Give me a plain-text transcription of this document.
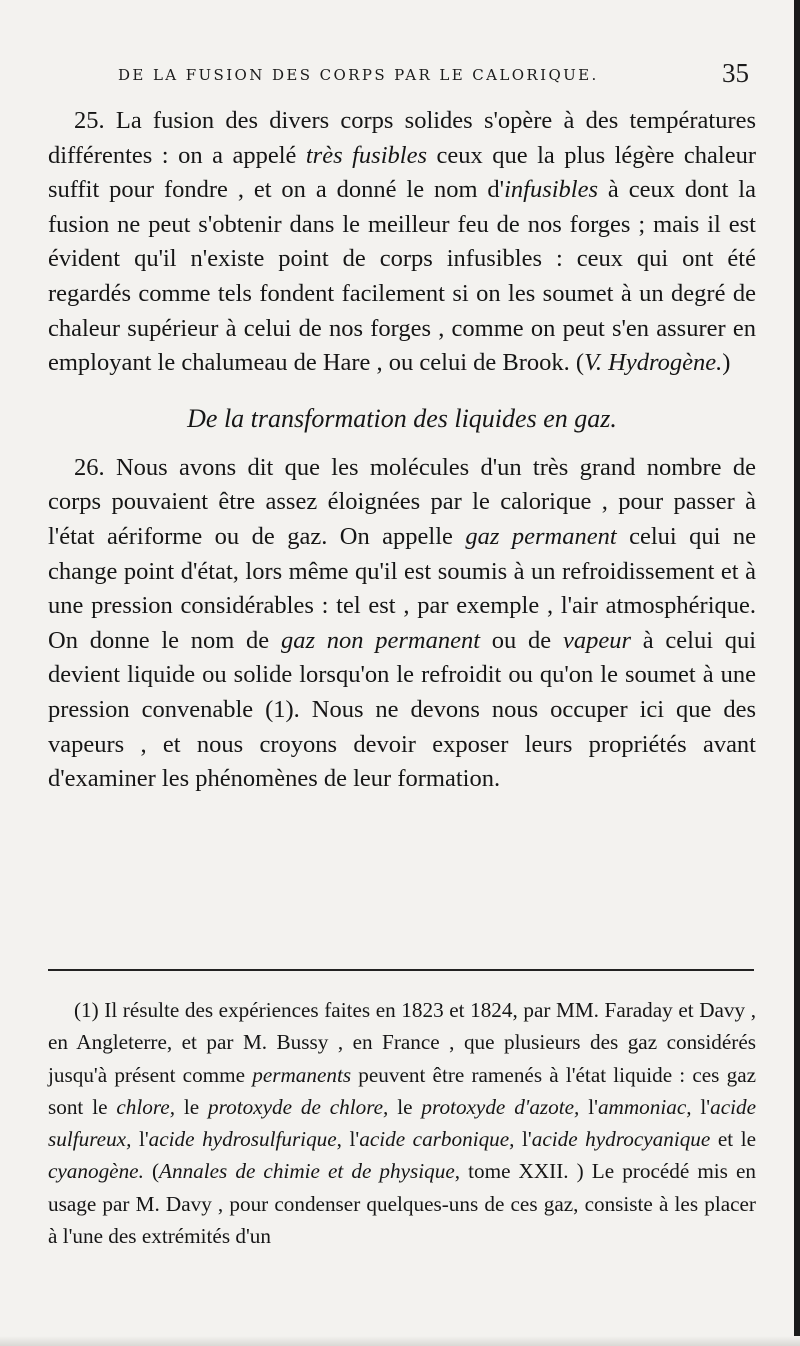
DE LA FUSION DES CORPS PAR LE CALORIQUE.	35

25. La fusion des divers corps solides s'opère à des températures différentes : on a appelé très fusibles ceux que la plus légère chaleur suffit pour fondre , et on a donné le nom d'infusibles à ceux dont la fusion ne peut s'obtenir dans le meilleur feu de nos forges ; mais il est évident qu'il n'existe point de corps infusibles : ceux qui ont été regardés comme tels fondent facilement si on les soumet à un degré de chaleur supérieur à celui de nos forges , comme on peut s'en assurer en employant le chalumeau de Hare , ou celui de Brook. (V. Hydrogène.)

De la transformation des liquides en gaz.

26. Nous avons dit que les molécules d'un très grand nombre de corps pouvaient être assez éloignées par le calorique , pour passer à l'état aériforme ou de gaz. On appelle gaz permanent celui qui ne change point d'état, lors même qu'il est soumis à un refroidissement et à une pression considérables : tel est , par exemple , l'air atmosphérique. On donne le nom de gaz non permanent ou de vapeur à celui qui devient liquide ou solide lorsqu'on le refroidit ou qu'on le soumet à une pression convenable (1). Nous ne devons nous occuper ici que des vapeurs , et nous croyons devoir exposer leurs propriétés avant d'examiner les phénomènes de leur formation.

(1) Il résulte des expériences faites en 1823 et 1824, par MM. Faraday et Davy , en Angleterre, et par M. Bussy , en France , que plusieurs des gaz considérés jusqu'à présent comme permanents peuvent être ramenés à l'état liquide : ces gaz sont le chlore, le protoxyde de chlore, le protoxyde d'azote, l'ammoniac, l'acide sulfureux, l'acide hydrosulfurique, l'acide carbonique, l'acide hydrocyanique et le cyanogène. (Annales de chimie et de physique, tome XXII. ) Le procédé mis en usage par M. Davy , pour condenser quelques-uns de ces gaz, consiste à les placer à l'une des extrémités d'un
